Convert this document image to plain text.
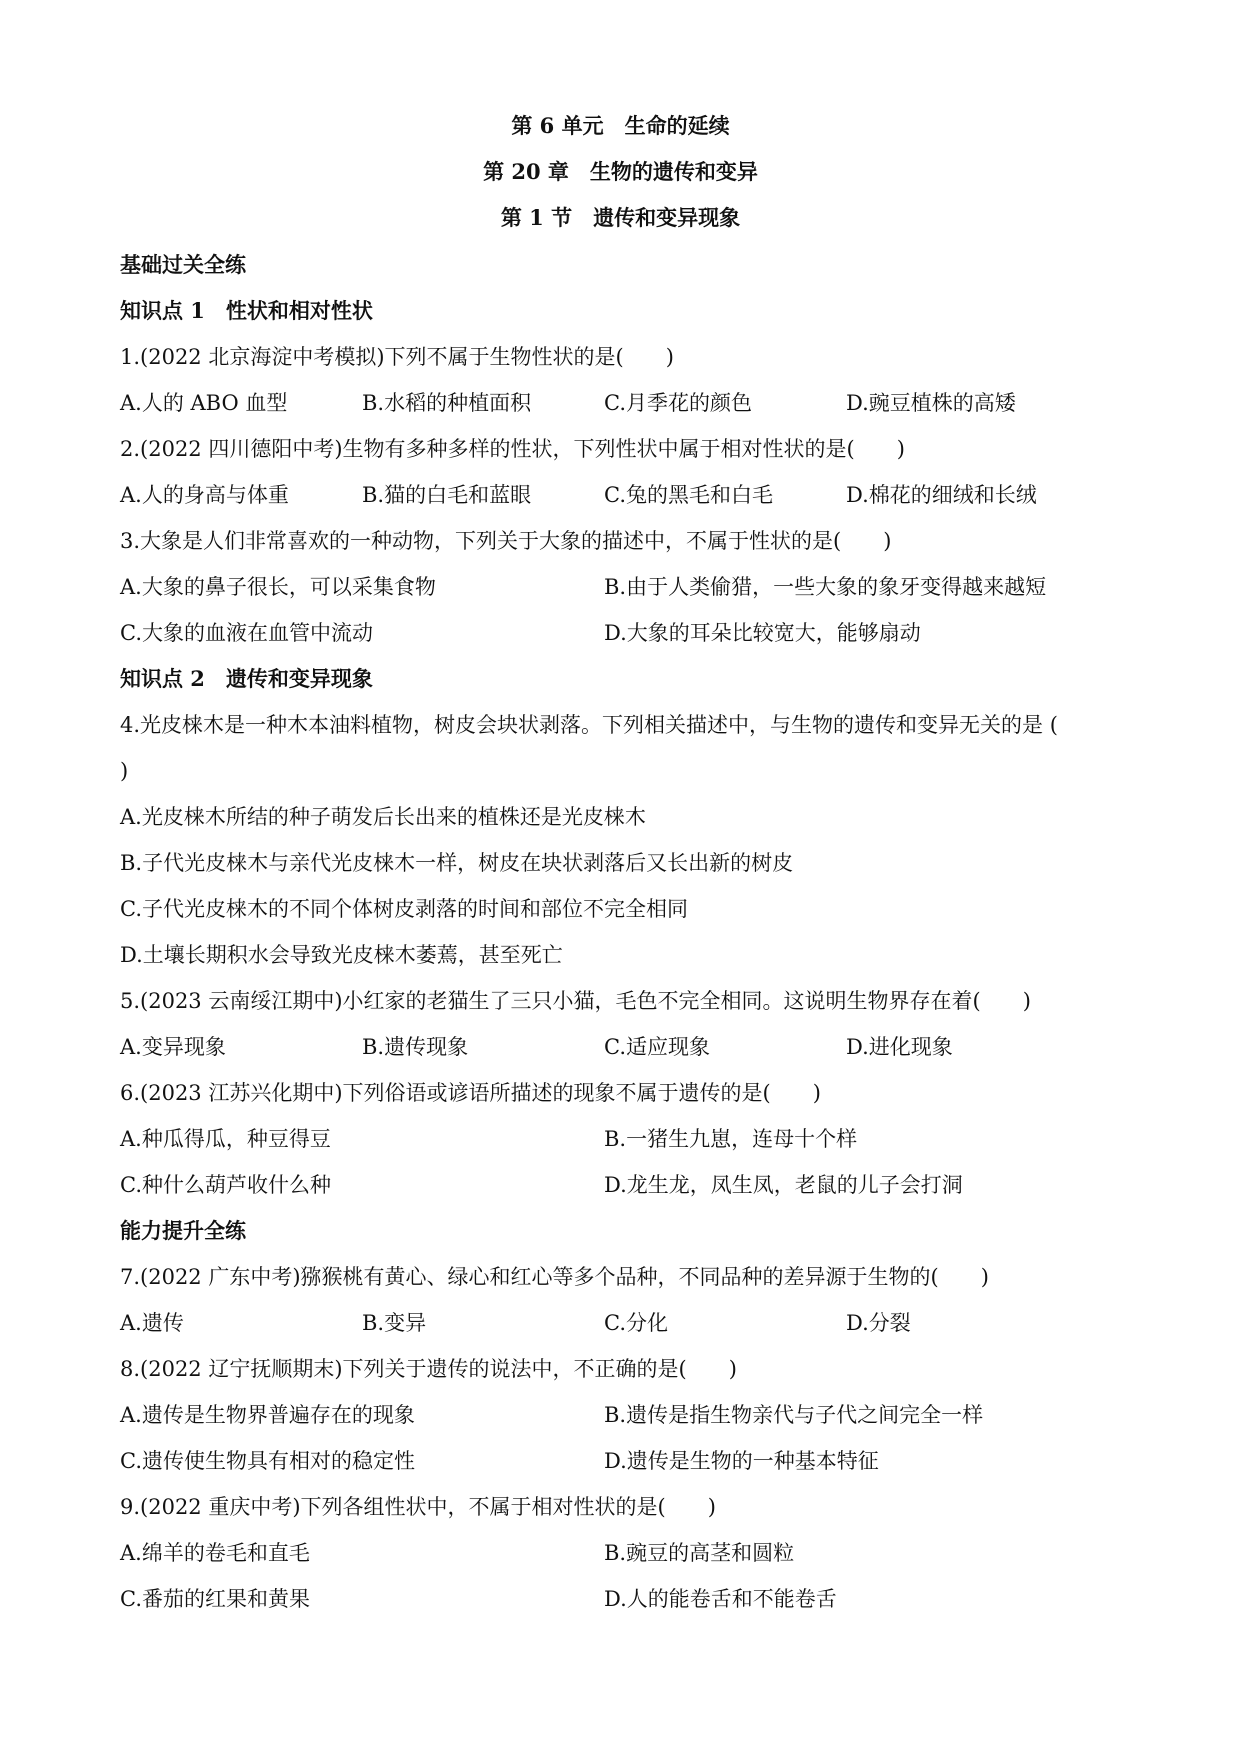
第 6 单元　生命的延续
第 20 章　生物的遗传和变异
第 1 节　遗传和变异现象
基础过关全练
知识点 1　性状和相对性状
1.(2022 北京海淀中考模拟)下列不属于生物性状的是(　　)
A.人的 ABO 血型	B.水稻的种植面积	C.月季花的颜色	D.豌豆植株的高矮
2.(2022 四川德阳中考)生物有多种多样的性状，下列性状中属于相对性状的是(　　)
A.人的身高与体重	B.猫的白毛和蓝眼	C.兔的黑毛和白毛	D.棉花的细绒和长绒
3.大象是人们非常喜欢的一种动物，下列关于大象的描述中，不属于性状的是(　　)
A.大象的鼻子很长，可以采集食物	B.由于人类偷猎，一些大象的象牙变得越来越短
C.大象的血液在血管中流动	D.大象的耳朵比较宽大，能够扇动
知识点 2　遗传和变异现象
4.光皮梾木是一种木本油料植物，树皮会块状剥落。下列相关描述中，与生物的遗传和变异无关的是 (
)
A.光皮梾木所结的种子萌发后长出来的植株还是光皮梾木
B.子代光皮梾木与亲代光皮梾木一样，树皮在块状剥落后又长出新的树皮
C.子代光皮梾木的不同个体树皮剥落的时间和部位不完全相同
D.土壤长期积水会导致光皮梾木萎蔫，甚至死亡
5.(2023 云南绥江期中)小红家的老猫生了三只小猫，毛色不完全相同。这说明生物界存在着(　　)
A.变异现象	B.遗传现象	C.适应现象	D.进化现象
6.(2023 江苏兴化期中)下列俗语或谚语所描述的现象不属于遗传的是(　　)
A.种瓜得瓜，种豆得豆	B.一猪生九崽，连母十个样
C.种什么葫芦收什么种	D.龙生龙，凤生凤，老鼠的儿子会打洞
能力提升全练
7.(2022 广东中考)猕猴桃有黄心、绿心和红心等多个品种，不同品种的差异源于生物的(　　)
A.遗传	B.变异	C.分化	D.分裂
8.(2022 辽宁抚顺期末)下列关于遗传的说法中，不正确的是(　　)
A.遗传是生物界普遍存在的现象	B.遗传是指生物亲代与子代之间完全一样
C.遗传使生物具有相对的稳定性	D.遗传是生物的一种基本特征
9.(2022 重庆中考)下列各组性状中，不属于相对性状的是(　　)
A.绵羊的卷毛和直毛	B.豌豆的高茎和圆粒
C.番茄的红果和黄果	D.人的能卷舌和不能卷舌
